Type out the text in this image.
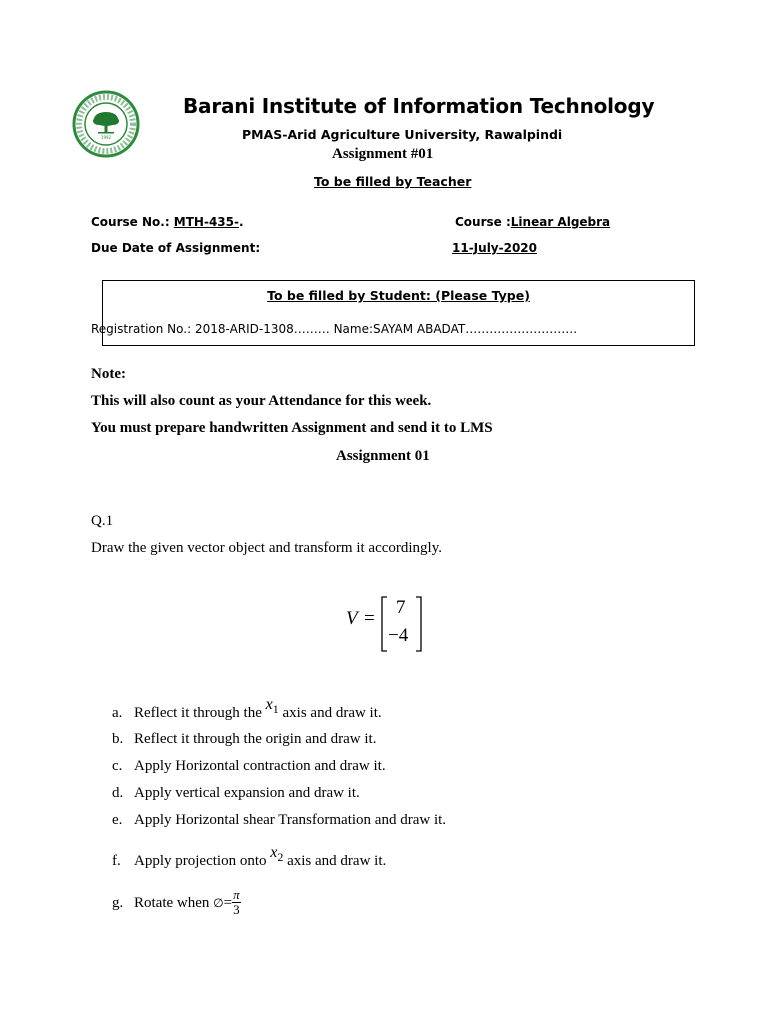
1992
Barani Institute of Information Technology
PMAS-Arid Agriculture University, Rawalpindi
Assignment #01
To be filled by Teacher
Course No.: MTH-435-.	Course :Linear Algebra
Due Date of Assignment:	11-July-2020
To be filled by Student: (Please Type)
Registration No.: 2018-ARID-1308……… Name:SAYAM ABADAT……………………….
Note:
This will also count as your Attendance for this week.
You must prepare handwritten Assignment and send it to LMS
Assignment 01
Q.1
Draw the given vector object and transform it accordingly.
V =
7
−4
a. Reflect it through the $x^1$ axis and draw it.
b. Reflect it through the origin and draw it.
c. Apply Horizontal contraction and draw it.
d. Apply vertical expansion and draw it.
e. Apply Horizontal shear Transformation and draw it.
f. Apply projection onto $x^2$ axis and draw it.
g. Rotate when ∅= $\frac{\pi}{3}$
